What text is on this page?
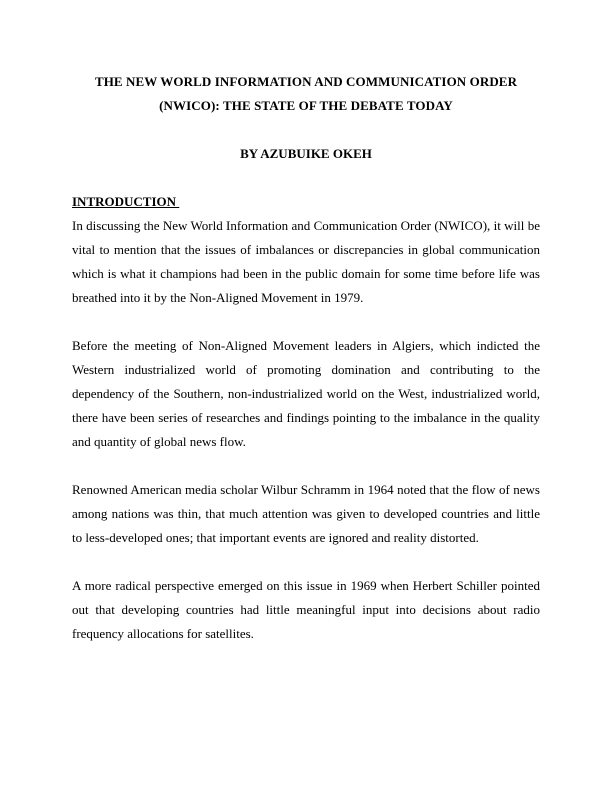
THE NEW WORLD INFORMATION AND COMMUNICATION ORDER
(NWICO): THE STATE OF THE DEBATE TODAY

BY AZUBUIKE OKEH

INTRODUCTION

In discussing the New World Information and Communication Order (NWICO), it will be vital to mention that the issues of imbalances or discrepancies in global communication which is what it champions had been in the public domain for some time before life was breathed into it by the Non-Aligned Movement in 1979.

Before the meeting of Non-Aligned Movement leaders in Algiers, which indicted the Western industrialized world of promoting domination and contributing to the dependency of the Southern, non-industrialized world on the West, industrialized world, there have been series of researches and findings pointing to the imbalance in the quality and quantity of global news flow.

Renowned American media scholar Wilbur Schramm in 1964 noted that the flow of news among nations was thin, that much attention was given to developed countries and little to less-developed ones; that important events are ignored and reality distorted.

A more radical perspective emerged on this issue in 1969 when Herbert Schiller pointed out that developing countries had little meaningful input into decisions about radio frequency allocations for satellites.
